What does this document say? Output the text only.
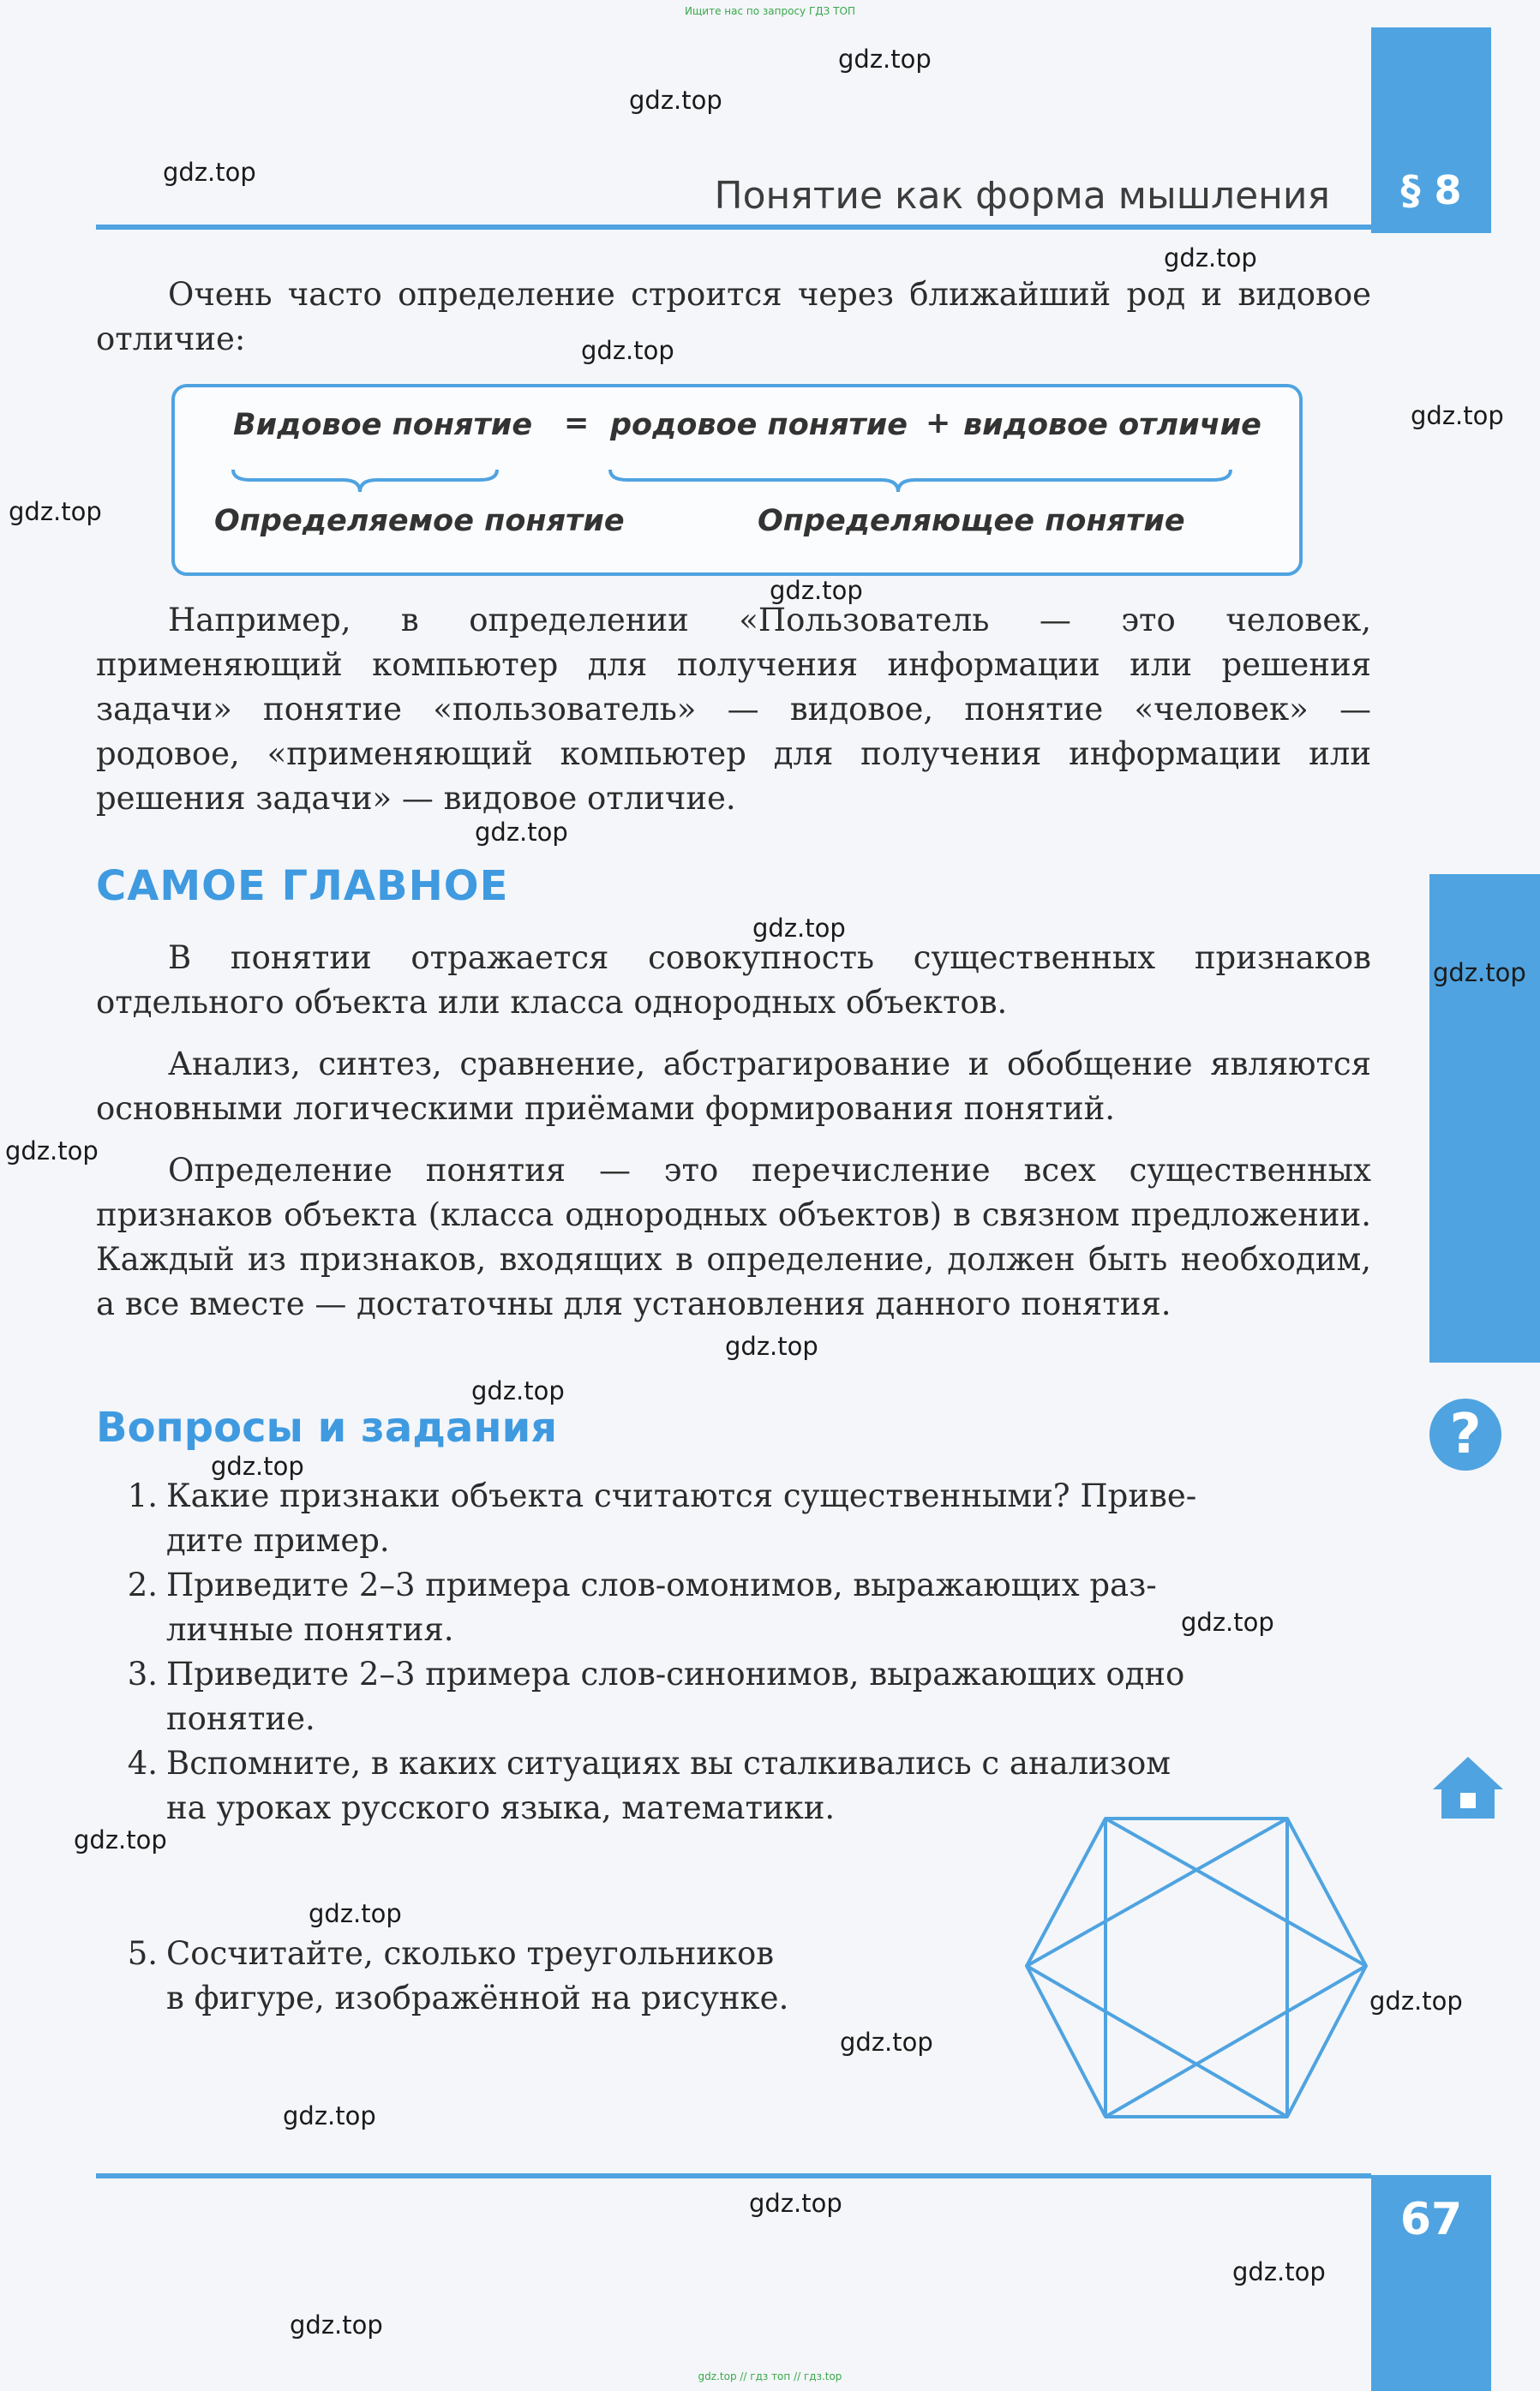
Ищите нас по запросу ГДЗ ТОП
§ 8
67
Понятие как форма мышления
Очень часто определение строится через ближайший род и видовое отличие:
Видовое понятие = родовое понятие + видовое отличие
Определяемое понятие	Определяющее понятие
Например, в определении «Пользователь — это человек, применяющий компьютер для получения информации или решения задачи» понятие «пользователь» — видовое, понятие «человек» — родовое, «применяющий компьютер для получения информации или решения задачи» — видовое отличие.
САМОЕ ГЛАВНОЕ
В понятии отражается совокупность существенных признаков отдельного объекта или класса однородных объектов.
Анализ, синтез, сравнение, абстрагирование и обобщение являются основными логическими приёмами формирования понятий.
Определение понятия — это перечисление всех существенных признаков объекта (класса однородных объектов) в связном предложении. Каждый из признаков, входящих в определение, должен быть необходим, а все вместе — достаточны для установления данного понятия.
Вопросы и задания
1. Какие признаки объекта считаются существенными? Приве-
дите пример.
2. Приведите 2–3 примера слов-омонимов, выражающих раз-
личные понятия.
3. Приведите 2–3 примера слов-синонимов, выражающих одно
понятие.
4. Вспомните, в каких ситуациях вы сталкивались с анализом
на уроках русского языка, математики.
5. Сосчитайте, сколько треугольников
в фигуре, изображённой на рисунке.
?
gdz.top
gdz.top
gdz.top
gdz.top
gdz.top
gdz.top
gdz.top
gdz.top
gdz.top
gdz.top
gdz.top
gdz.top
gdz.top
gdz.top
gdz.top
gdz.top
gdz.top
gdz.top
gdz.top
gdz.top
gdz.top
gdz.top
gdz.top
gdz.top
gdz.top // гдз топ // гдз.top
